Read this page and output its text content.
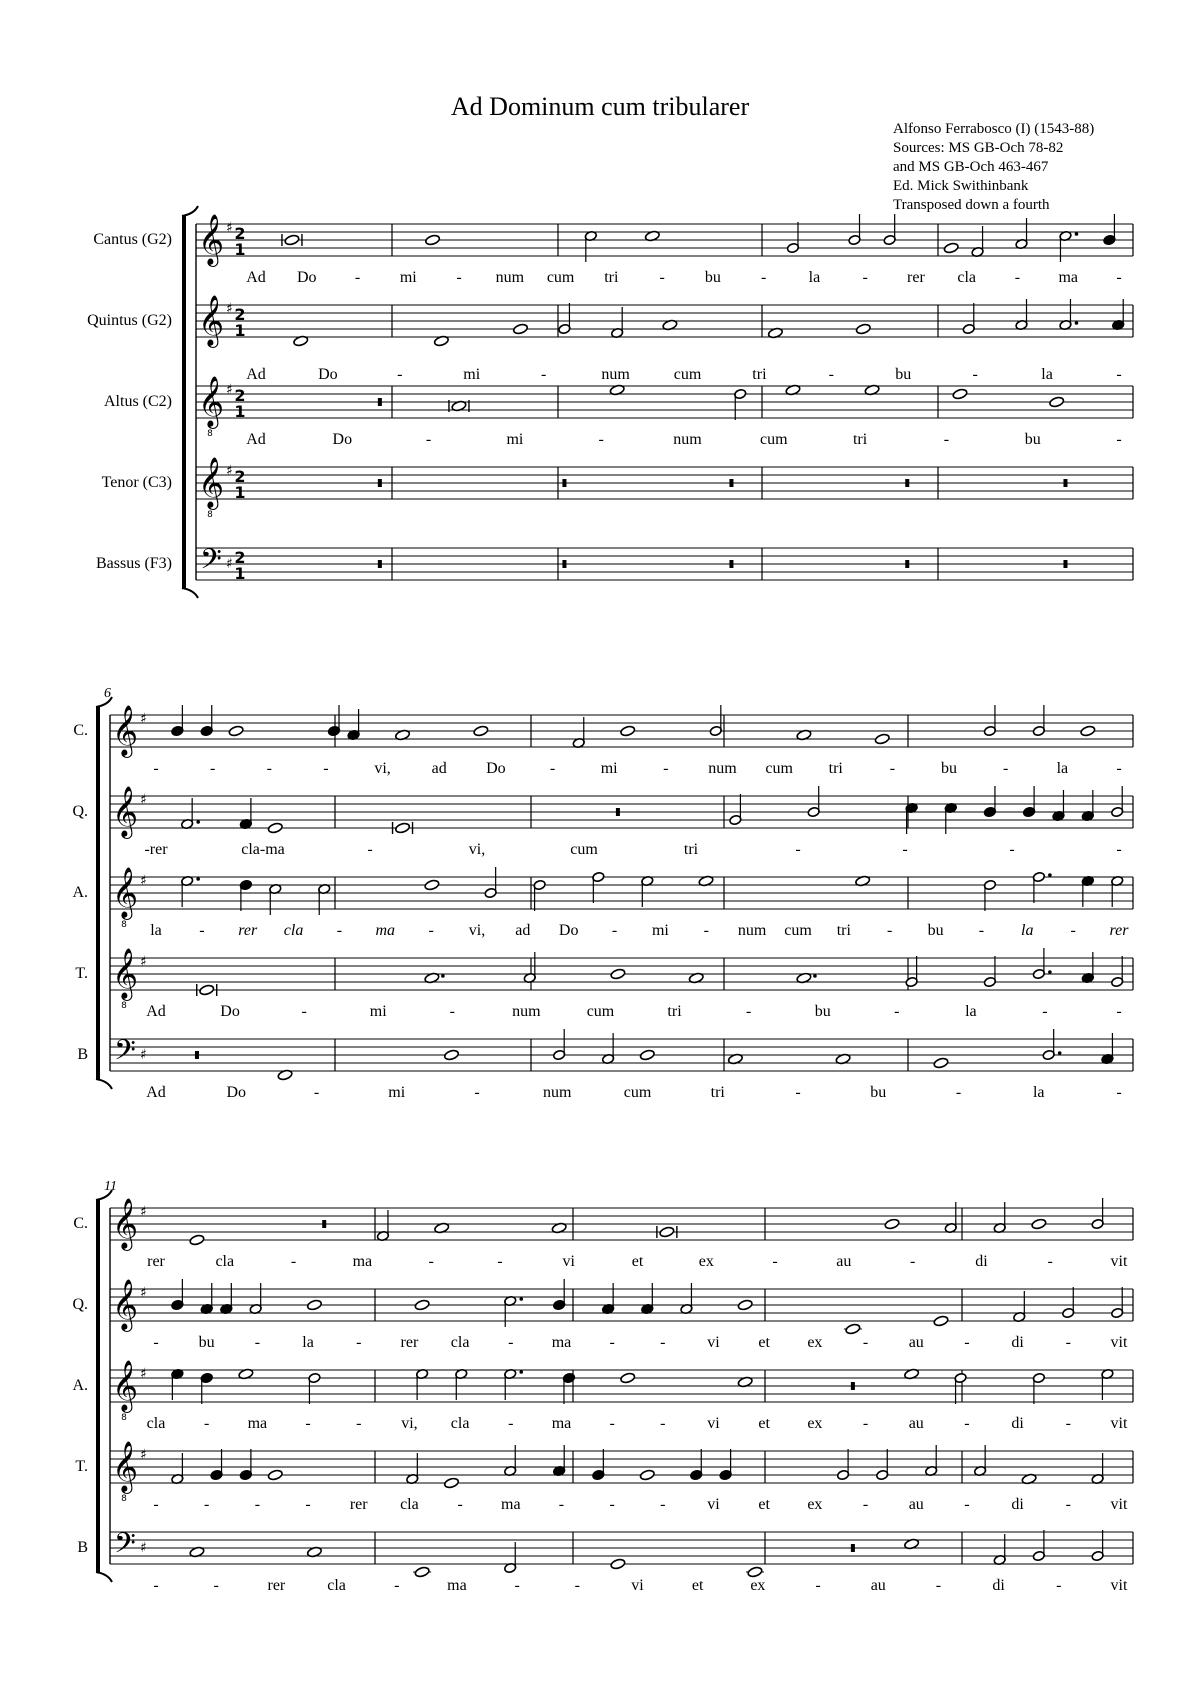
Ad Dominum cum tribularer
Alfonso Ferrabosco (I) (1543-88)
Sources: MS GB-Och 78-82
and MS GB-Och 463-467
Ed. Mick Swithinbank
Transposed down a fourth
Cantus (G2) 𝄞 ♯ 2
1
Ad Do - mi - num cum tri	-	bu	-	la	- rer cla - ma -
Quintus (G2) 𝄞 ♯ 2
1
Ad	Do	-	mi	-	num	cum	tri	-	bu	-	la	-
Altus (C2) 𝄞
8
♯ 2
1
Ad	Do	-	mi	-	num	cum	tri	-	bu	-
Tenor (C3) 𝄞
8
♯ 2
1
Bassus (F3) 𝄢 ♯ 2
1
6
C. 𝄞 ♯
-	-	-	-	vi,	ad Do	-	mi	- num cum tri	-	bu	-	la	-
Q. 𝄞 ♯
-rer	cla-ma	-	vi,	cum	tri	-	-	-	-
A. 𝄞
8
♯
la - rer cla - ma - vi, ad Do - mi - num cum tri - bu - la - rer
T. 𝄞
8
♯
Ad	Do	-	mi	-	num	cum	tri	-	bu	-	la	-	-
B 𝄢 ♯
Ad	Do	-	mi	-	num	cum	tri	-	bu	-	la	-
11
C. 𝄞 ♯
rer	cla	-	ma	-	-	vi	et	ex	-	au	-	di	-	vit
Q. 𝄞 ♯
-	bu	-	la	- rer cla - ma -	-	vi et ex	-	au	-	di	- vit
A. 𝄞
8
♯
cla - ma -	- vi, cla - ma -	-	vi et ex	-	au	-	di	- vit
T. 𝄞
8
♯
-	-	-	- rer cla - ma -	-	-	vi et ex	-	au	-	di	- vit
B 𝄢 ♯
-	-	rer	cla	-	ma	-	-	vi	et	ex	-	au	-	di	-	vit
